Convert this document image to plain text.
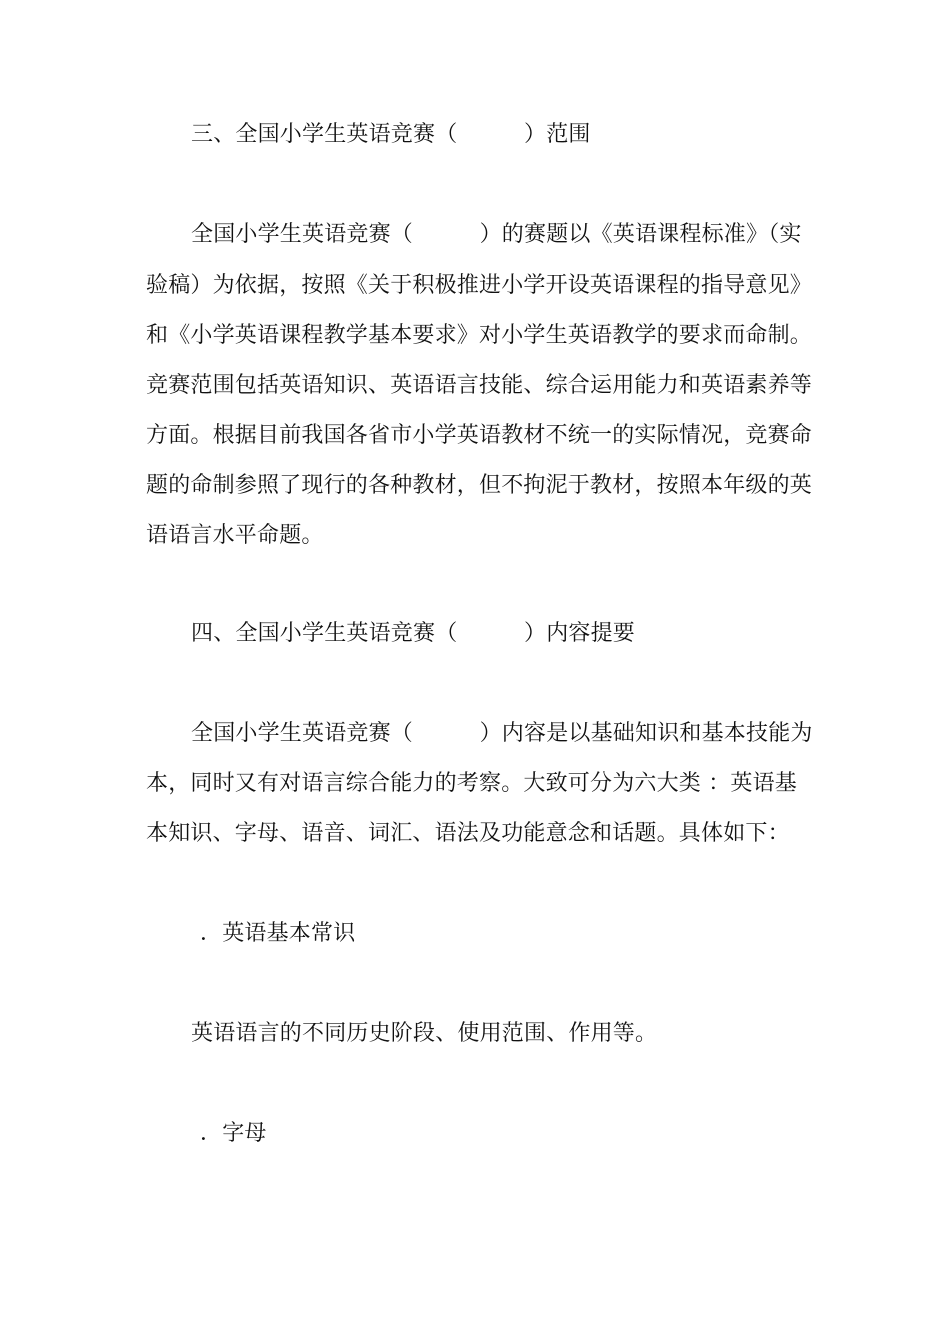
三、全国小学生英语竞赛（　　　）范围
全国小学生英语竞赛（　　　）的赛题以《英语课程标准》（实
验稿）为依据，按照《关于积极推进小学开设英语课程的指导意见》
和《小学英语课程教学基本要求》对小学生英语教学的要求而命制。
竞赛范围包括英语知识、英语语言技能、综合运用能力和英语素养等
方面。根据目前我国各省市小学英语教材不统一的实际情况，竞赛命
题的命制参照了现行的各种教材，但不拘泥于教材，按照本年级的英
语语言水平命题。
四、全国小学生英语竞赛（　　　）内容提要
全国小学生英语竞赛（　　　）内容是以基础知识和基本技能为
本，同时又有对语言综合能力的考察。大致可分为六大类 ：英语基
本知识、字母、语音、词汇、语法及功能意念和话题。具体如下：
．英语基本常识
英语语言的不同历史阶段、使用范围、作用等。
．字母
